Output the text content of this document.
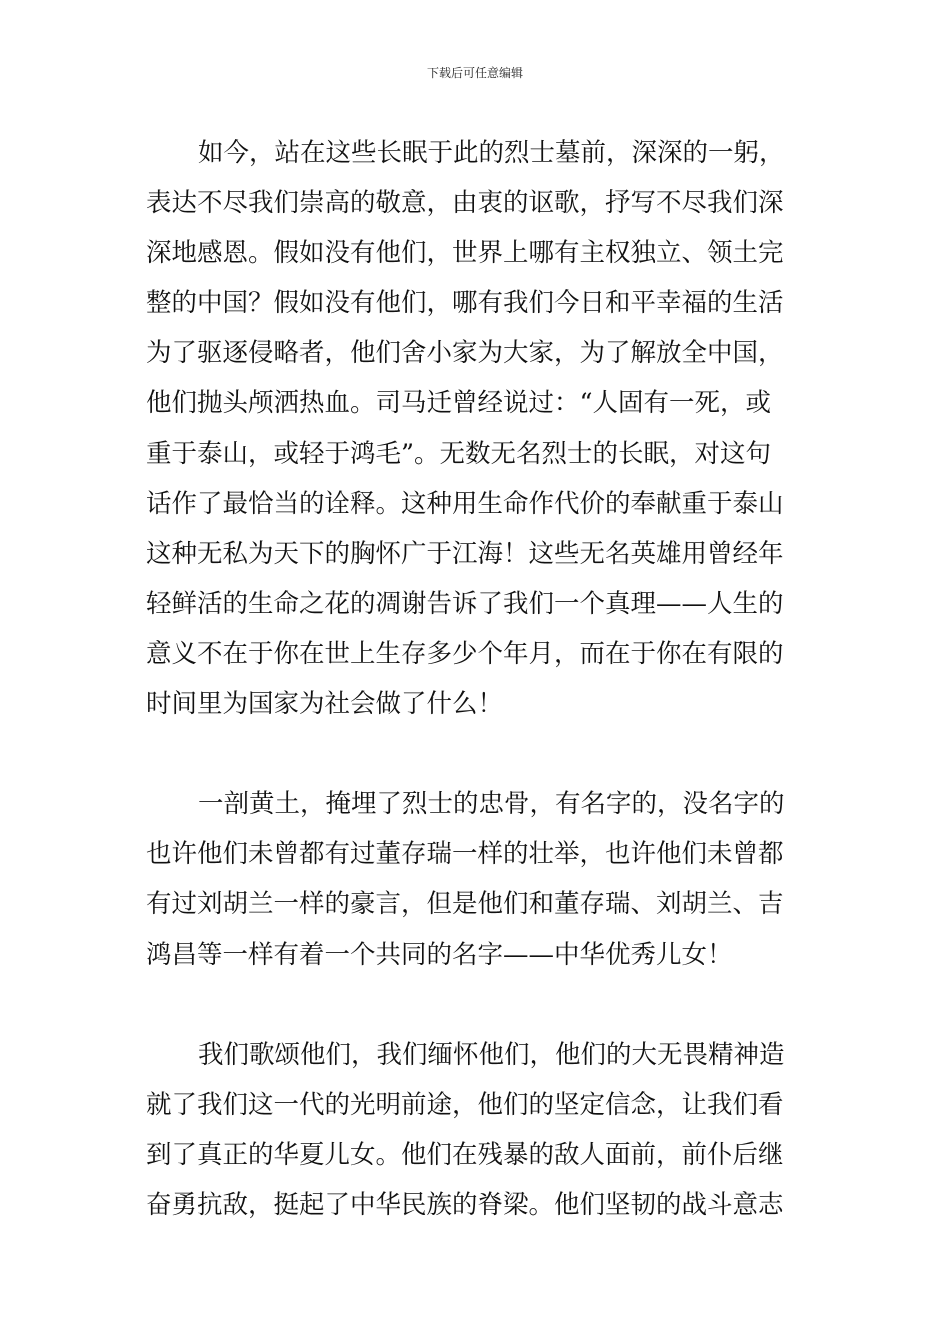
下载后可任意编辑
如今，站在这些长眠于此的烈士墓前，深深的一躬，
表达不尽我们崇高的敬意，由衷的讴歌，抒写不尽我们深
深地感恩。假如没有他们，世界上哪有主权独立、领土完
整的中国？假如没有他们，哪有我们今日和平幸福的生活
为了驱逐侵略者，他们舍小家为大家，为了解放全中国，
他们抛头颅洒热血。司马迁曾经说过：“人固有一死，或
重于泰山，或轻于鸿毛”。无数无名烈士的长眠，对这句
话作了最恰当的诠释。这种用生命作代价的奉献重于泰山
这种无私为天下的胸怀广于江海！这些无名英雄用曾经年
轻鲜活的生命之花的凋谢告诉了我们一个真理——人生的
意义不在于你在世上生存多少个年月，而在于你在有限的
时间里为国家为社会做了什么！
一剖黄土，掩埋了烈士的忠骨，有名字的，没名字的
也许他们未曾都有过董存瑞一样的壮举，也许他们未曾都
有过刘胡兰一样的豪言，但是他们和董存瑞、刘胡兰、吉
鸿昌等一样有着一个共同的名字——中华优秀儿女！
我们歌颂他们，我们缅怀他们，他们的大无畏精神造
就了我们这一代的光明前途，他们的坚定信念，让我们看
到了真正的华夏儿女。他们在残暴的敌人面前，前仆后继
奋勇抗敌，挺起了中华民族的脊梁。他们坚韧的战斗意志
